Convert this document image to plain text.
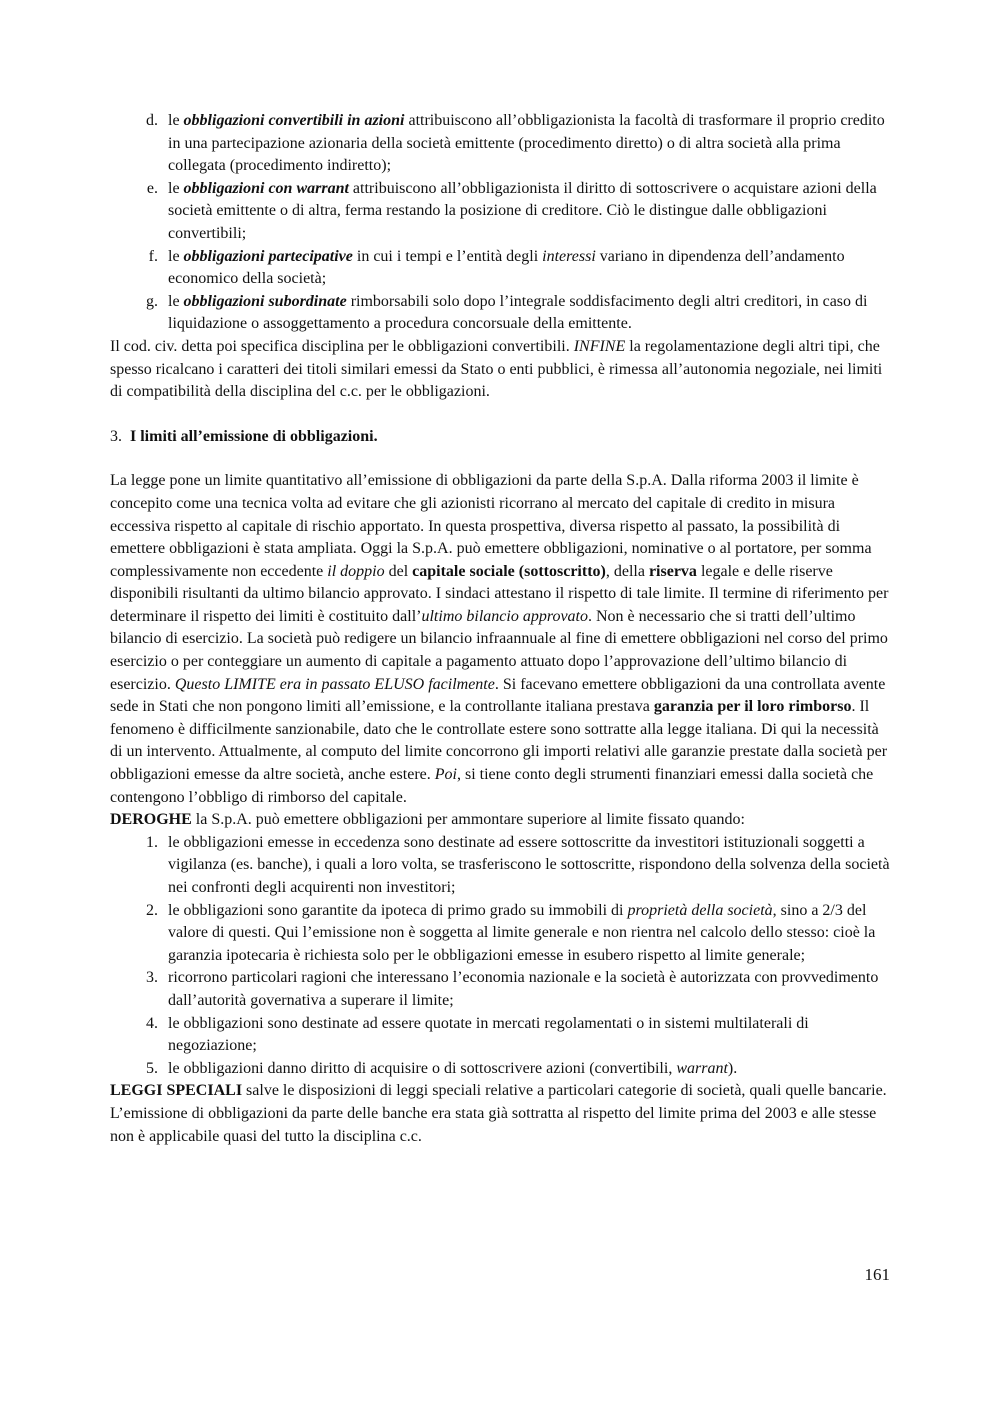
d. le obbligazioni convertibili in azioni attribuiscono all’obbligazionista la facoltà di trasformare il proprio credito in una partecipazione azionaria della società emittente (procedimento diretto) o di altra società alla prima collegata (procedimento indiretto);
e. le obbligazioni con warrant attribuiscono all’obbligazionista il diritto di sottoscrivere o acquistare azioni della società emittente o di altra, ferma restando la posizione di creditore. Ciò le distingue dalle obbligazioni convertibili;
f. le obbligazioni partecipative in cui i tempi e l’entità degli interessi variano in dipendenza dell’andamento economico della società;
g. le obbligazioni subordinate rimborsabili solo dopo l’integrale soddisfacimento degli altri creditori, in caso di liquidazione o assoggettamento a procedura concorsuale della emittente.

Il cod. civ. detta poi specifica disciplina per le obbligazioni convertibili. INFINE la regolamentazione degli altri tipi, che spesso ricalcano i caratteri dei titoli similari emessi da Stato o enti pubblici, è rimessa all’autonomia negoziale, nei limiti di compatibilità della disciplina del c.c. per le obbligazioni.

3. I limiti all’emissione di obbligazioni.

La legge pone un limite quantitativo all’emissione di obbligazioni da parte della S.p.A. Dalla riforma 2003 il limite è concepito come una tecnica volta ad evitare che gli azionisti ricorrano al mercato del capitale di credito in misura eccessiva rispetto al capitale di rischio apportato. In questa prospettiva, diversa rispetto al passato, la possibilità di emettere obbligazioni è stata ampliata. Oggi la S.p.A. può emettere obbligazioni, nominative o al portatore, per somma complessivamente non eccedente il doppio del capitale sociale (sottoscritto), della riserva legale e delle riserve disponibili risultanti da ultimo bilancio approvato. I sindaci attestano il rispetto di tale limite. Il termine di riferimento per determinare il rispetto dei limiti è costituito dall’ultimo bilancio approvato. Non è necessario che si tratti dell’ultimo bilancio di esercizio. La società può redigere un bilancio infraannuale al fine di emettere obbligazioni nel corso del primo esercizio o per conteggiare un aumento di capitale a pagamento attuato dopo l’approvazione dell’ultimo bilancio di esercizio. Questo LIMITE era in passato ELUSO facilmente. Si facevano emettere obbligazioni da una controllata avente sede in Stati che non pongono limiti all’emissione, e la controllante italiana prestava garanzia per il loro rimborso. Il fenomeno è difficilmente sanzionabile, dato che le controllate estere sono sottratte alla legge italiana. Di qui la necessità di un intervento. Attualmente, al computo del limite concorrono gli importi relativi alle garanzie prestate dalla società per obbligazioni emesse da altre società, anche estere. Poi, si tiene conto degli strumenti finanziari emessi dalla società che contengono l’obbligo di rimborso del capitale.

DEROGHE la S.p.A. può emettere obbligazioni per ammontare superiore al limite fissato quando:

1. le obbligazioni emesse in eccedenza sono destinate ad essere sottoscritte da investitori istituzionali soggetti a vigilanza (es. banche), i quali a loro volta, se trasferiscono le sottoscritte, rispondono della solvenza della società nei confronti degli acquirenti non investitori;
2. le obbligazioni sono garantite da ipoteca di primo grado su immobili di proprietà della società, sino a 2/3 del valore di questi. Qui l’emissione non è soggetta al limite generale e non rientra nel calcolo dello stesso: cioè la garanzia ipotecaria è richiesta solo per le obbligazioni emesse in esubero rispetto al limite generale;
3. ricorrono particolari ragioni che interessano l’economia nazionale e la società è autorizzata con provvedimento dall’autorità governativa a superare il limite;
4. le obbligazioni sono destinate ad essere quotate in mercati regolamentati o in sistemi multilaterali di negoziazione;
5. le obbligazioni danno diritto di acquisire o di sottoscrivere azioni (convertibili, warrant).

LEGGI SPECIALI salve le disposizioni di leggi speciali relative a particolari categorie di società, quali quelle bancarie. L’emissione di obbligazioni da parte delle banche era stata già sottratta al rispetto del limite prima del 2003 e alle stesse non è applicabile quasi del tutto la disciplina c.c.

161
